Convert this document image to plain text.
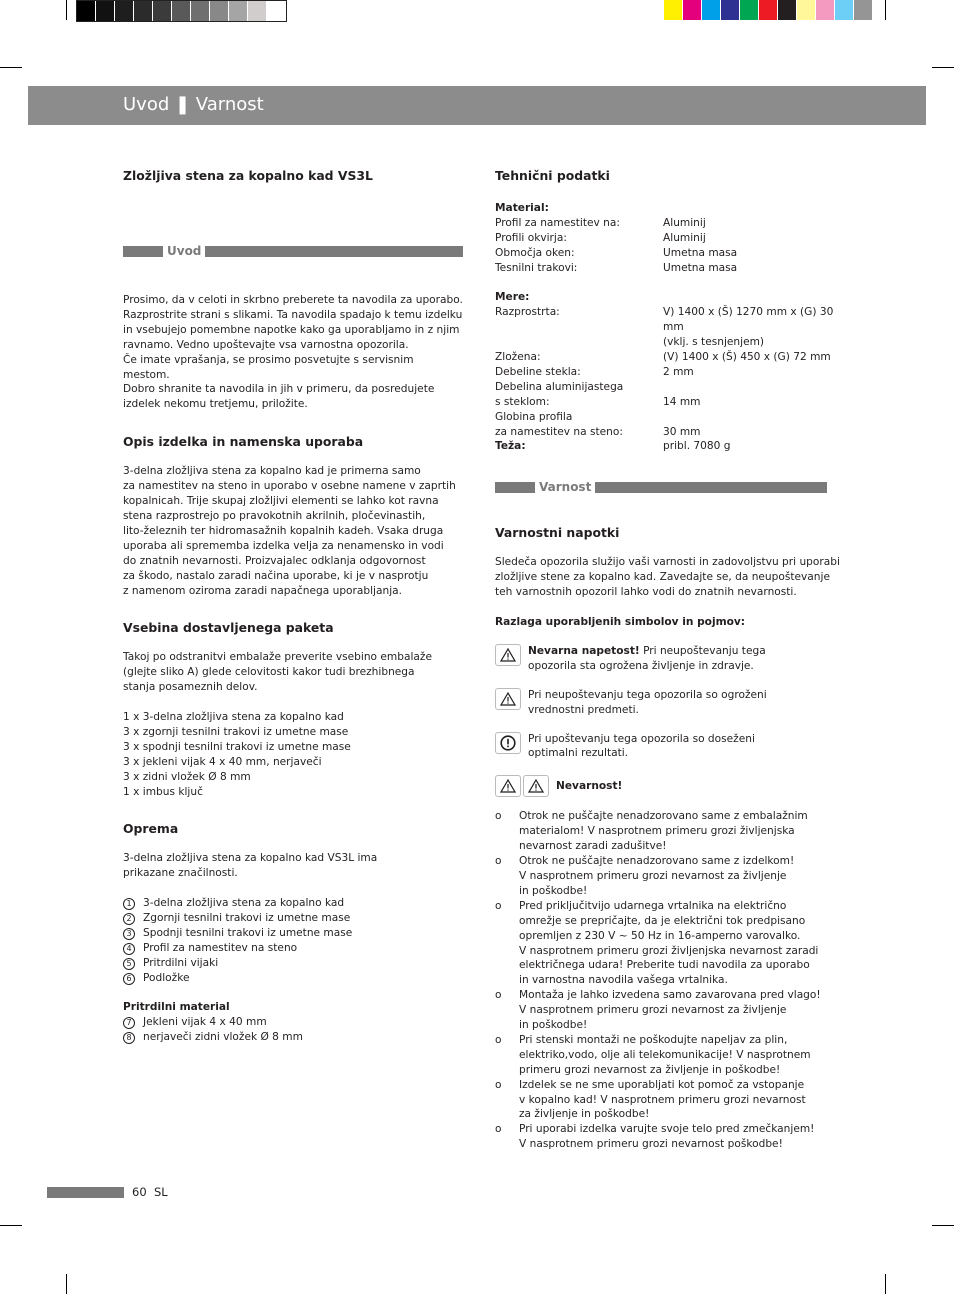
Uvod ❚ Varnost
Zložljiva stena za kopalno kad VS3L
Uvod

Prosimo, da v celoti in skrbno preberete ta navodila za uporabo.

Razprostrite strani s slikami. Ta navodila spadajo k temu izdelku

in vsebujejo pomembne napotke kako ga uporabljamo in z njim

ravnamo. Vedno upoštevajte vsa varnostna opozorila.

Če imate vprašanja, se prosimo posvetujte s servisnim mestom.

Dobro shranite ta navodila in jih v primeru, da posredujete

izdelek nekomu tretjemu, priložite.

Opis izdelka in namenska uporaba

3-delna zložljiva stena za kopalno kad je primerna samo

za namestitev na steno in uporabo v osebne namene v zaprtih

kopalnicah. Trije skupaj zložljivi elementi se lahko kot ravna

stena razprostrejo po pravokotnih akrilnih, pločevinastih,

lito-železnih ter hidromasažnih kopalnih kadeh. Vsaka druga

uporaba ali sprememba izdelka velja za nenamensko in vodi

do znatnih nevarnosti. Proizvajalec odklanja odgovornost

za škodo, nastalo zaradi načina uporabe, ki je v nasprotju

z namenom oziroma zaradi napačnega uporabljanja.

Vsebina dostavljenega paketa

Takoj po odstranitvi embalaže preverite vsebino embalaže

(glejte sliko A) glede celovitosti kakor tudi brezhibnega

stanja posameznih delov.

1 x 3-delna zložljiva stena za kopalno kad

3 x zgornji tesnilni trakovi iz umetne mase

3 x spodnji tesnilni trakovi iz umetne mase

3 x jekleni vijak 4 x 40 mm, nerjaveči

3 x zidni vložek Ø 8 mm

1 x imbus ključ

Oprema

3-delna zložljiva stena za kopalno kad VS3L ima

prikazane značilnosti.

1	3-delna zložljiva stena za kopalno kad
2	Zgornji tesnilni trakovi iz umetne mase
3	Spodnji tesnilni trakovi iz umetne mase
4	Profil za namestitev na steno
5	Pritrdilni vijaki
6	Podložke

Pritrdilni material

7	Jekleni vijak 4 x 40 mm
8	nerjaveči zidni vložek Ø 8 mm
Tehnični podatki

Material:

Profil za namestitev na:	Aluminij
Profili okvirja:	Aluminij
Območja oken:	Umetna masa
Tesnilni trakovi:	Umetna masa

Mere:

Razprostrta:	V) 1400 x (Š) 1270 mm x (G) 30 mm
(vklj. s tesnjenjem)
Zložena:	(V) 1400 x (Š) 450 x (G) 72 mm
Debeline stekla:	2 mm
Debelina aluminijastega
s steklom:	14 mm
Globina profila
za namestitev na steno:	30 mm
Teža:	pribl. 7080 g
Varnost
Varnostni napotki

Sledeča opozorila služijo vaši varnosti in zadovoljstvu pri uporabi

zložljive stene za kopalno kad. Zavedajte se, da neupoštevanje

teh varnostnih opozoril lahko vodi do znatnih nevarnosti.

Razlaga uporabljenih simbolov in pojmov:

Nevarna napetost! Pri neupoštevanju tega

opozorila sta ogrožena življenje in zdravje.

Pri neupoštevanju tega opozorila so ogroženi

vrednostni predmeti.

Pri upoštevanju tega opozorila so doseženi

optimalni rezultati.

Nevarnost!
o	Otrok ne puščajte nenadzorovano same z embalažnim

materialom! V nasprotnem primeru grozi življenjska

nevarnost zaradi zadušitve!

o	Otrok ne puščajte nenadzorovano same z izdelkom!

V nasprotnem primeru grozi nevarnost za življenje

in poškodbe!

o	Pred priključitvijo udarnega vrtalnika na električno

omrežje se prepričajte, da je električni tok predpisano

opremljen z 230 V ~ 50 Hz in 16-amperno varovalko.

V nasprotnem primeru grozi življenjska nevarnost zaradi

električnega udara! Preberite tudi navodila za uporabo

in varnostna navodila vašega vrtalnika.

o	Montaža je lahko izvedena samo zavarovana pred vlago!

V nasprotnem primeru grozi nevarnost za življenje

in poškodbe!

o	Pri stenski montaži ne poškodujte napeljav za plin,

elektriko,vodo, olje ali telekomunikacije! V nasprotnem

primeru grozi nevarnost za življenje in poškodbe!

o	Izdelek se ne sme uporabljati kot pomoč za vstopanje

v kopalno kad! V nasprotnem primeru grozi nevarnost

za življenje in poškodbe!

o	Pri uporabi izdelka varujte svoje telo pred zmečkanjem!

V nasprotnem primeru grozi nevarnost poškodbe!

60 SL
